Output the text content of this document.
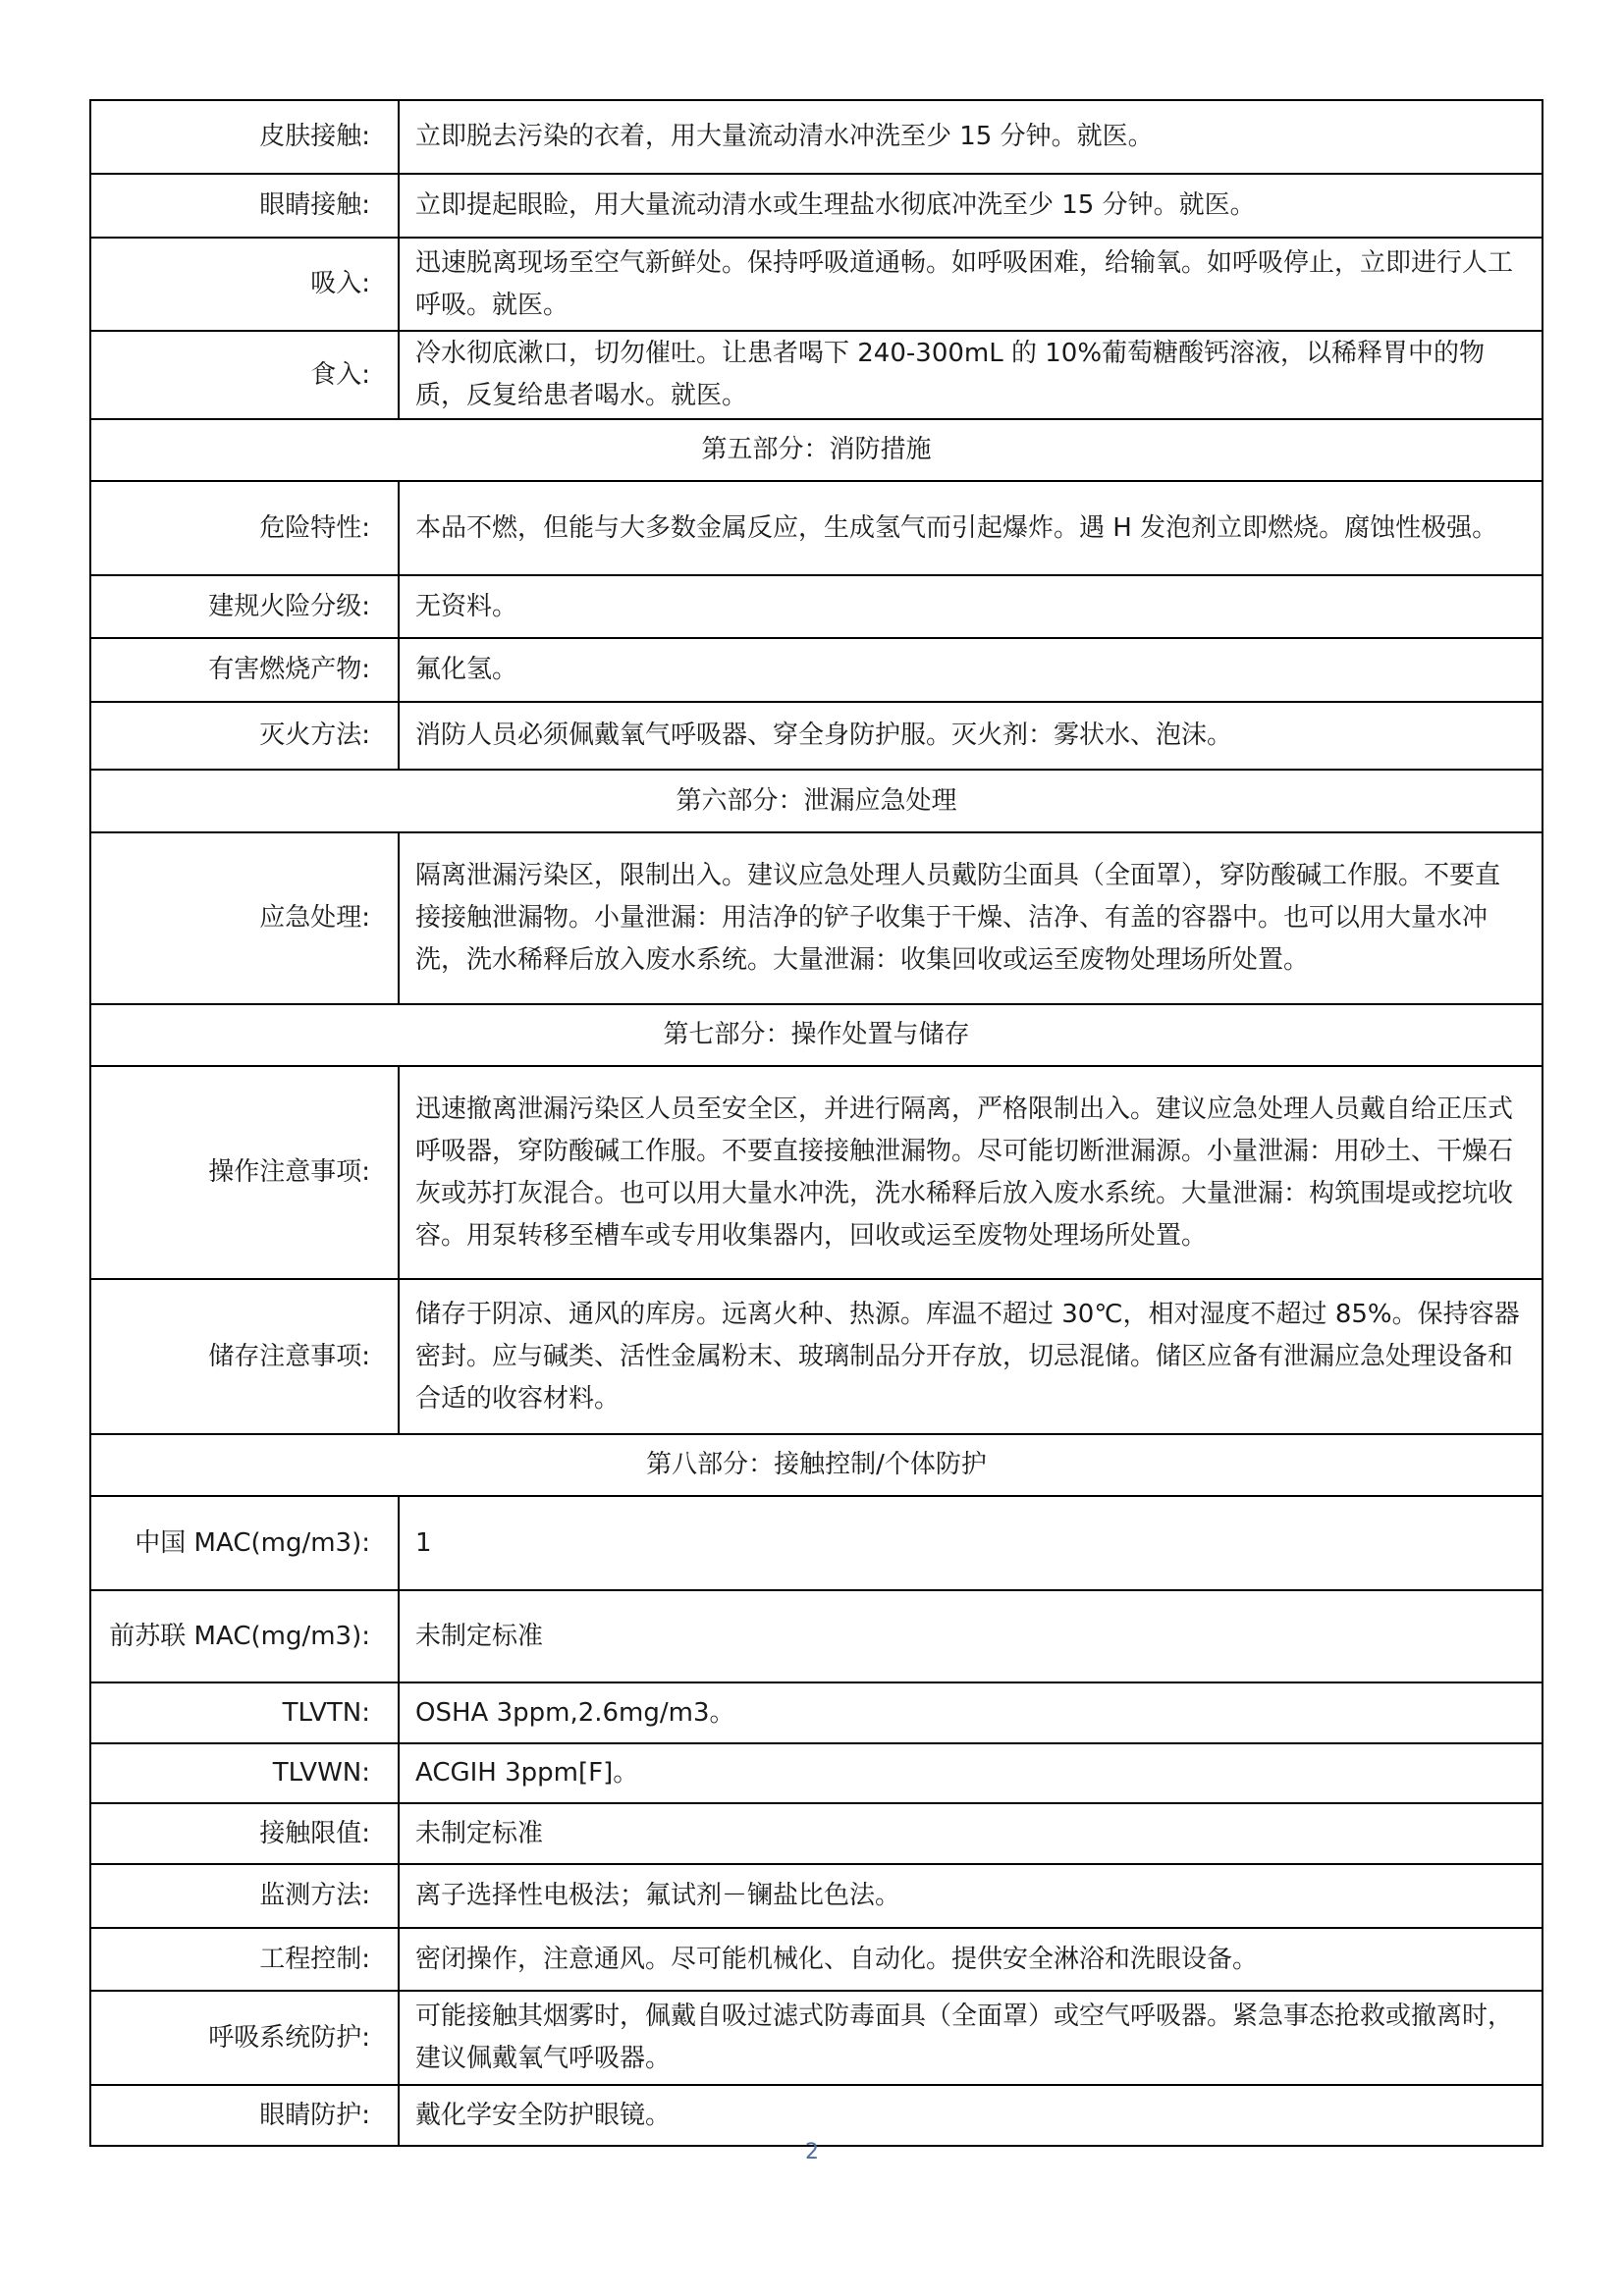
皮肤接触:	立即脱去污染的衣着，用大量流动清水冲洗至少 15 分钟。就医。
眼睛接触:	立即提起眼睑，用大量流动清水或生理盐水彻底冲洗至少 15 分钟。就医。
吸入:	迅速脱离现场至空气新鲜处。保持呼吸道通畅。如呼吸困难，给输氧。如呼吸停止，立即进行人工呼吸。就医。
食入:	冷水彻底漱口，切勿催吐。让患者喝下 240-300mL 的 10%葡萄糖酸钙溶液，以稀释胃中的物质，反复给患者喝水。就医。
第五部分：消防措施	
危险特性:	本品不燃，但能与大多数金属反应，生成氢气而引起爆炸。遇 H 发泡剂立即燃烧。腐蚀性极强。
建规火险分级:	无资料。
有害燃烧产物:	氟化氢。
灭火方法:	消防人员必须佩戴氧气呼吸器、穿全身防护服。灭火剂：雾状水、泡沫。
第六部分：泄漏应急处理	
应急处理:	隔离泄漏污染区，限制出入。建议应急处理人员戴防尘面具（全面罩），穿防酸碱工作服。不要直接接触泄漏物。小量泄漏：用洁净的铲子收集于干燥、洁净、有盖的容器中。也可以用大量水冲洗，洗水稀释后放入废水系统。大量泄漏：收集回收或运至废物处理场所处置。
第七部分：操作处置与储存	
操作注意事项:	迅速撤离泄漏污染区人员至安全区，并进行隔离，严格限制出入。建议应急处理人员戴自给正压式呼吸器，穿防酸碱工作服。不要直接接触泄漏物。尽可能切断泄漏源。小量泄漏：用砂土、干燥石灰或苏打灰混合。也可以用大量水冲洗，洗水稀释后放入废水系统。大量泄漏：构筑围堤或挖坑收容。用泵转移至槽车或专用收集器内，回收或运至废物处理场所处置。
储存注意事项:	储存于阴凉、通风的库房。远离火种、热源。库温不超过 30℃，相对湿度不超过 85%。保持容器密封。应与碱类、活性金属粉末、玻璃制品分开存放，切忌混储。储区应备有泄漏应急处理设备和合适的收容材料。
第八部分：接触控制/个体防护	
中国 MAC(mg/m3):	1
前苏联 MAC(mg/m3):	未制定标准
TLVTN:	OSHA 3ppm,2.6mg/m3。
TLVWN:	ACGIH 3ppm[F]。
接触限值:	未制定标准
监测方法:	离子选择性电极法；氟试剂－镧盐比色法。
工程控制:	密闭操作，注意通风。尽可能机械化、自动化。提供安全淋浴和洗眼设备。
呼吸系统防护:	可能接触其烟雾时，佩戴自吸过滤式防毒面具（全面罩）或空气呼吸器。紧急事态抢救或撤离时，建议佩戴氧气呼吸器。
眼睛防护:	戴化学安全防护眼镜。
2
